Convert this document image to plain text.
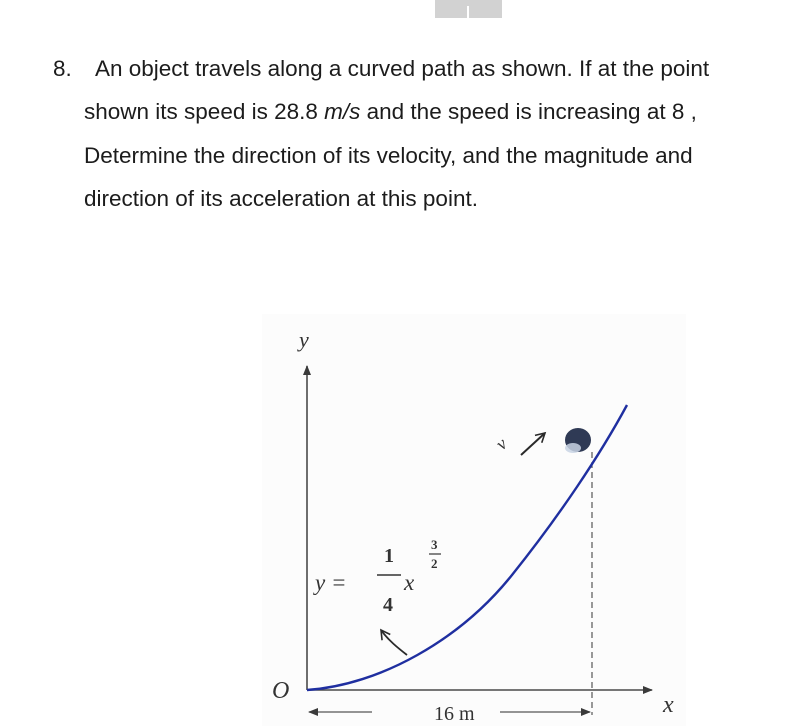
8. An object travels along a curved path as shown. If at the point
shown its speed is 28.8 m/s and the speed is increasing at 8 ,
Determine the direction of its velocity, and the magnitude and
direction of its acceleration at this point.
y
x
O
v
16 m
y =
1
4
x
3
2
